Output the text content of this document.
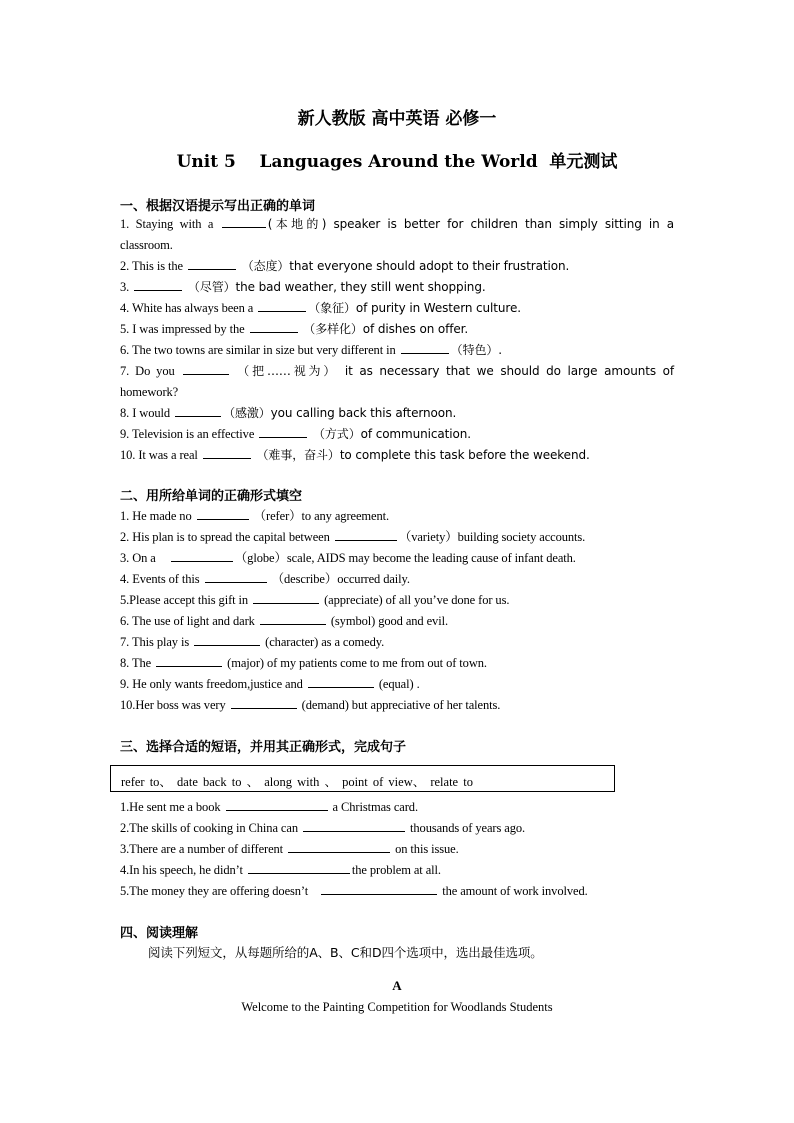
新人教版 高中英语 必修一
Unit 5    Languages Around the World  单元测试
一、根据汉语提示写出正确的单词
1. Staying with a	(本地的) speaker is better for children than simply sitting in a
classroom.
2. This is the	（态度）that everyone should adopt to their frustration.
3.	（尽管）the bad weather, they still went shopping.
4. White has always been a	（象征）of purity in Western culture.
5. I was impressed by the	（多样化）of dishes on offer.
6. The two towns are similar in size but very different in	（特色）.
7. Do you	（把……视为） it as necessary that we should do large amounts of
homework?
8. I would	（感激）you calling back this afternoon.
9. Television is an effective	（方式）of communication.
10. It was a real	（难事，奋斗）to complete this task before the weekend.
二、用所给单词的正确形式填空
1. He made no	（refer）to any agreement.
2. His plan is to spread the capital between	（variety）building society accounts.
3. On a	（globe）scale, AIDS may become the leading cause of infant death.
4. Events of this	（describe）occurred daily.
5.Please accept this gift in	(appreciate) of all you’ve done for us.
6. The use of light and dark	(symbol) good and evil.
7. This play is	(character) as a comedy.
8. The	(major) of my patients come to me from out of town.
9. He only wants freedom,justice and	(equal) .
10.Her boss was very	(demand) but appreciative of her talents.
三、选择合适的短语，并用其正确形式，完成句子
refer to、 date back to 、 along with 、 point of view、 relate to
1.He sent me a book	a Christmas card.
2.The skills of cooking in China can	thousands of years ago.
3.There are a number of different	on this issue.
4.In his speech, he didn’t	the problem at all.
5.The money they are offering doesn’t	the amount of work involved.
四、阅读理解
阅读下列短文，从每题所给的A、B、C和D四个选项中，选出最佳选项。
A
Welcome to the Painting Competition for Woodlands Students
